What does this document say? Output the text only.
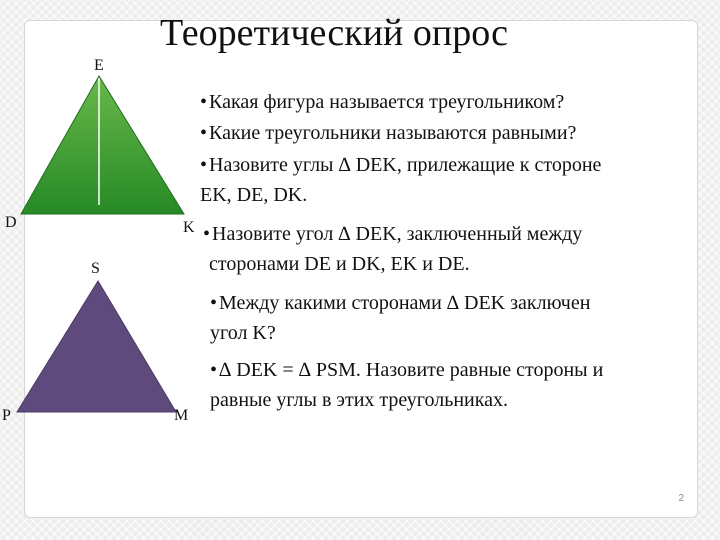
Теоретический опрос
E
D	K
S
P	M
• Какая фигура называется треугольником?
• Какие треугольники называются равными?
• Назовите углы ∆ DEK, прилежащие к стороне
EK, DE, DK.
• Назовите угол ∆ DEK, заключенный между
сторонами DE и DK, EK и DE.
• Между какими сторонами ∆ DEK заключен
угол K?
• ∆ DEK = ∆ PSM. Назовите равные стороны и
равные углы в этих треугольниках.
2
